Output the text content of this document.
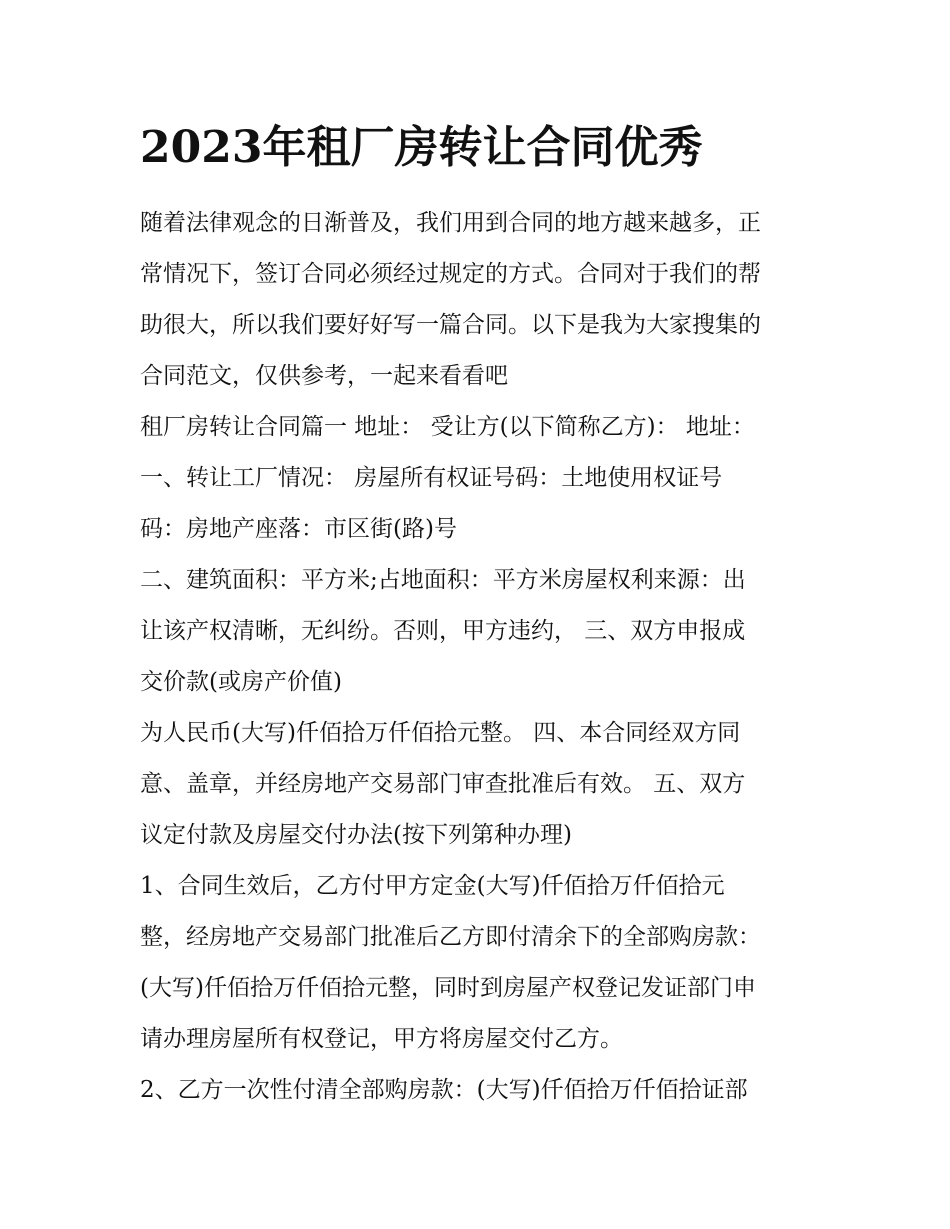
2023年租厂房转让合同优秀
随着法律观念的日渐普及，我们用到合同的地方越来越多，正
常情况下，签订合同必须经过规定的方式。合同对于我们的帮
助很大，所以我们要好好写一篇合同。以下是我为大家搜集的
合同范文，仅供参考，一起来看看吧
租厂房转让合同篇一 地址： 受让方(以下简称乙方)： 地址：
一、转让工厂情况： 房屋所有权证号码：土地使用权证号
码：房地产座落：市区街(路)号
二、建筑面积：平方米;占地面积：平方米房屋权利来源：出
让该产权清晰，无纠纷。否则，甲方违约， 三、双方申报成
交价款(或房产价值)
为人民币(大写)仟佰拾万仟佰拾元整。 四、本合同经双方同
意、盖章，并经房地产交易部门审查批准后有效。 五、双方
议定付款及房屋交付办法(按下列第种办理)
1、合同生效后，乙方付甲方定金(大写)仟佰拾万仟佰拾元
整，经房地产交易部门批准后乙方即付清余下的全部购房款：
(大写)仟佰拾万仟佰拾元整，同时到房屋产权登记发证部门申
请办理房屋所有权登记，甲方将房屋交付乙方。
2、乙方一次性付清全部购房款：(大写)仟佰拾万仟佰拾证部
